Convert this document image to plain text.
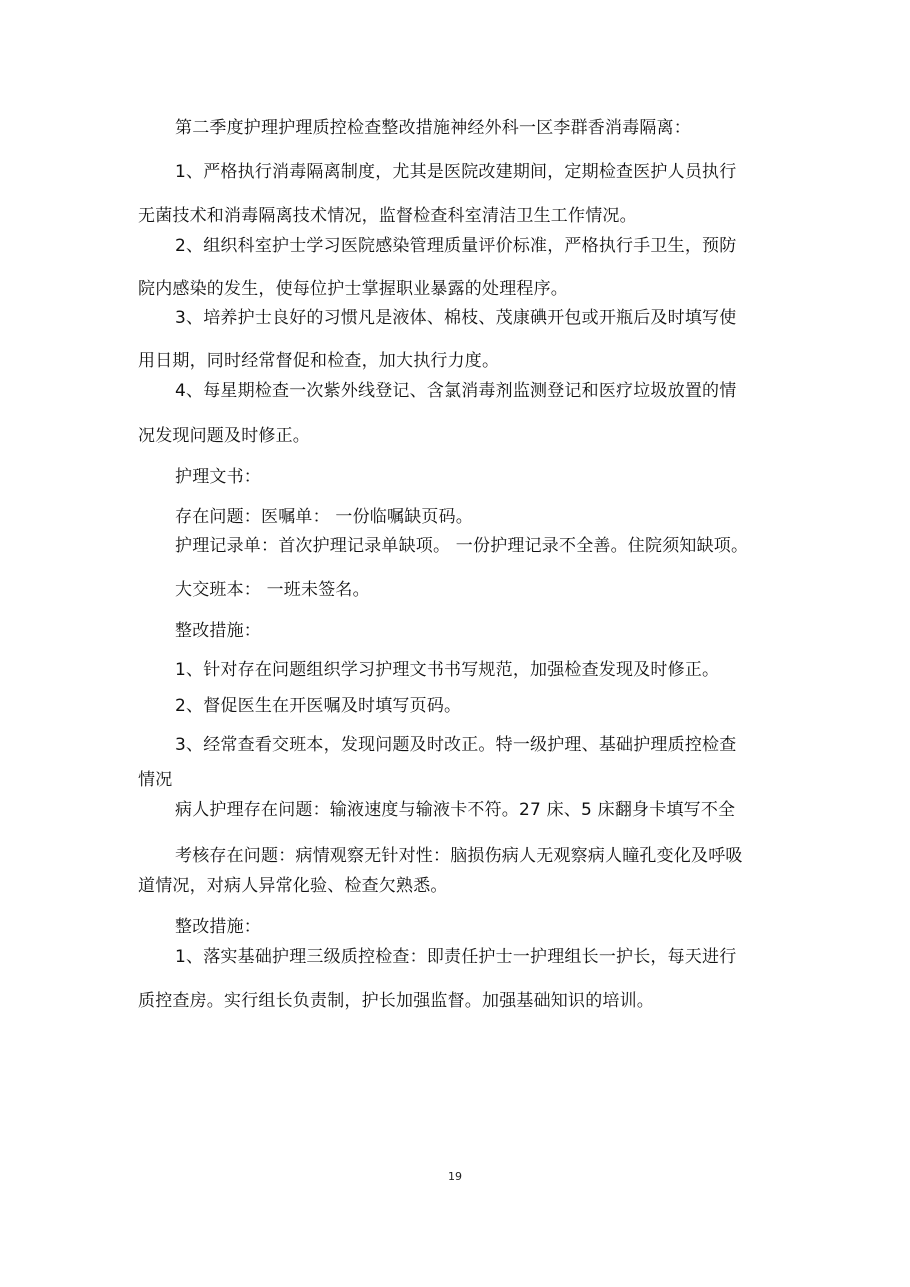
第二季度护理护理质控检查整改措施神经外科一区李群香消毒隔离：
1、严格执行消毒隔离制度，尤其是医院改建期间，定期检查医护人员执行
无菌技术和消毒隔离技术情况，监督检查科室清洁卫生工作情况。
2、组织科室护士学习医院感染管理质量评价标准，严格执行手卫生，预防
院内感染的发生，使每位护士掌握职业暴露的处理程序。
3、培养护士良好的习惯凡是液体、棉枝、茂康碘开包或开瓶后及时填写使
用日期，同时经常督促和检查，加大执行力度。
4、每星期检查一次紫外线登记、含氯消毒剂监测登记和医疗垃圾放置的情
况发现问题及时修正。
护理文书：
存在问题：医嘱单： 一份临嘱缺页码。
护理记录单：首次护理记录单缺项。 一份护理记录不全善。住院须知缺项。
大交班本： 一班未签名。
整改措施：
1、针对存在问题组织学习护理文书书写规范，加强检查发现及时修正。
2、督促医生在开医嘱及时填写页码。
3、经常查看交班本，发现问题及时改正。特一级护理、基础护理质控检查
情况
病人护理存在问题：输液速度与输液卡不符。27 床、5 床翻身卡填写不全
考核存在问题：病情观察无针对性：脑损伤病人无观察病人瞳孔变化及呼吸
道情况，对病人异常化验、检查欠熟悉。
整改措施：
1、落实基础护理三级质控检查：即责任护士一护理组长一护长，每天进行
质控查房。实行组长负责制，护长加强监督。加强基础知识的培训。
19
